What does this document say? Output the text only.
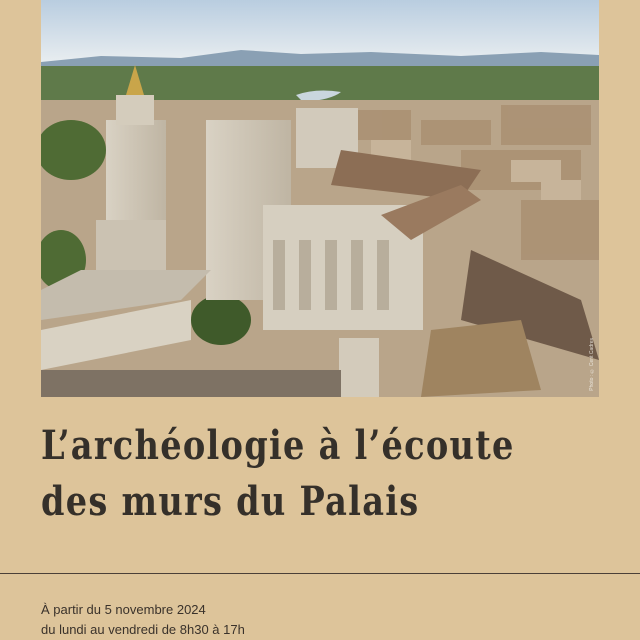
Photo : © Cent Cadres
L’archéologie à l’écoute
des murs du Palais
À partir du 5 novembre 2024
du lundi au vendredi de 8h30 à 17h
